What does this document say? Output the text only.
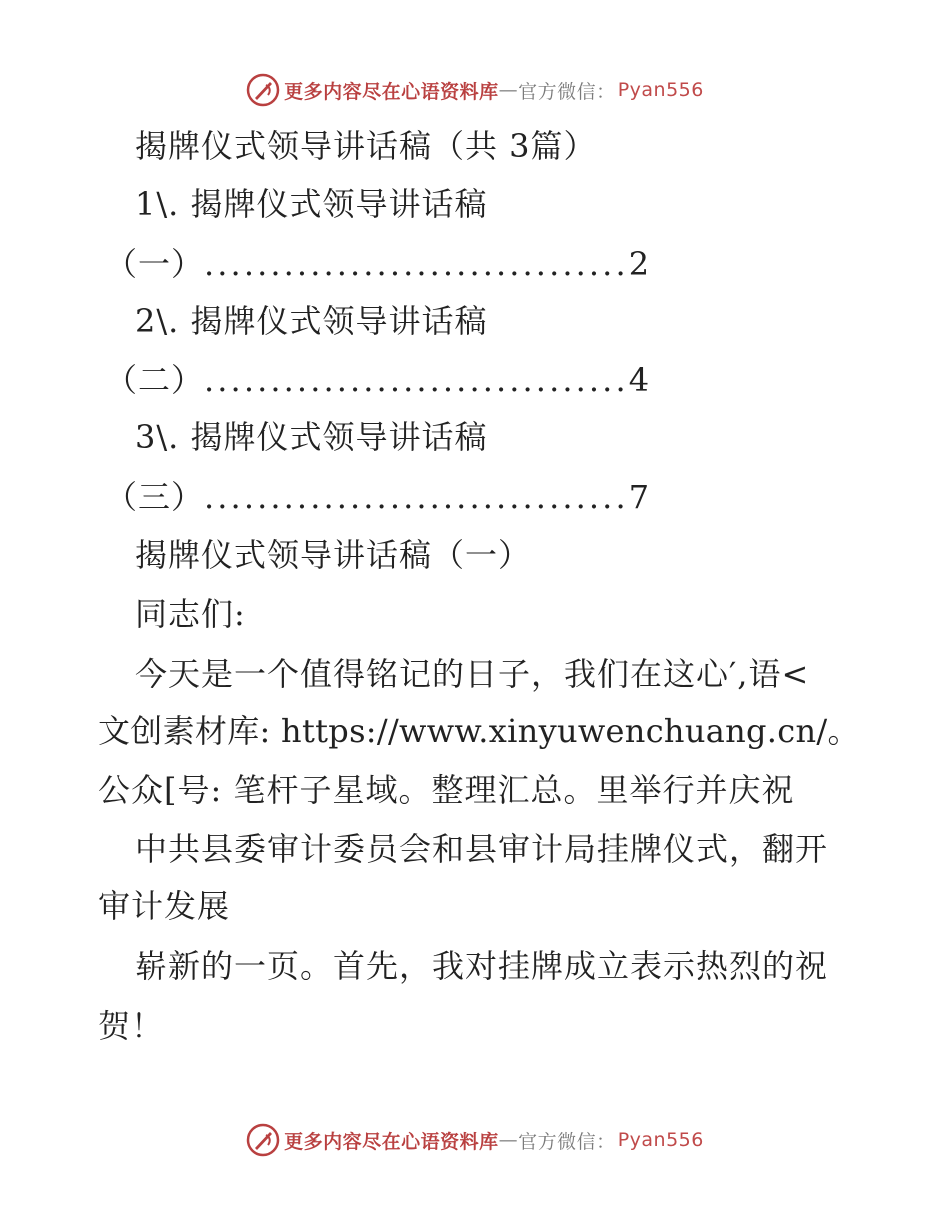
更多内容尽在心语资料库 — 官方微信： Pyan556
揭牌仪式领导讲话稿（共 3篇）
1\. 揭牌仪式领导讲话稿
（一） ................................ 2
2\. 揭牌仪式领导讲话稿
（二） ................................ 4
3\. 揭牌仪式领导讲话稿
（三） ................................ 7
揭牌仪式领导讲话稿（一）
同志们:
今天是一个值得铭记的日子，我们在这心′,语<
文创素材库: https://www.xinyuwenchuang.cn/。
公众[号: 笔杆子星域。整理汇总。里举行并庆祝
中共县委审计委员会和县审计局挂牌仪式，翻开
审计发展
崭新的一页。首先，我对挂牌成立表示热烈的祝
贺！
更多内容尽在心语资料库 — 官方微信： Pyan556
